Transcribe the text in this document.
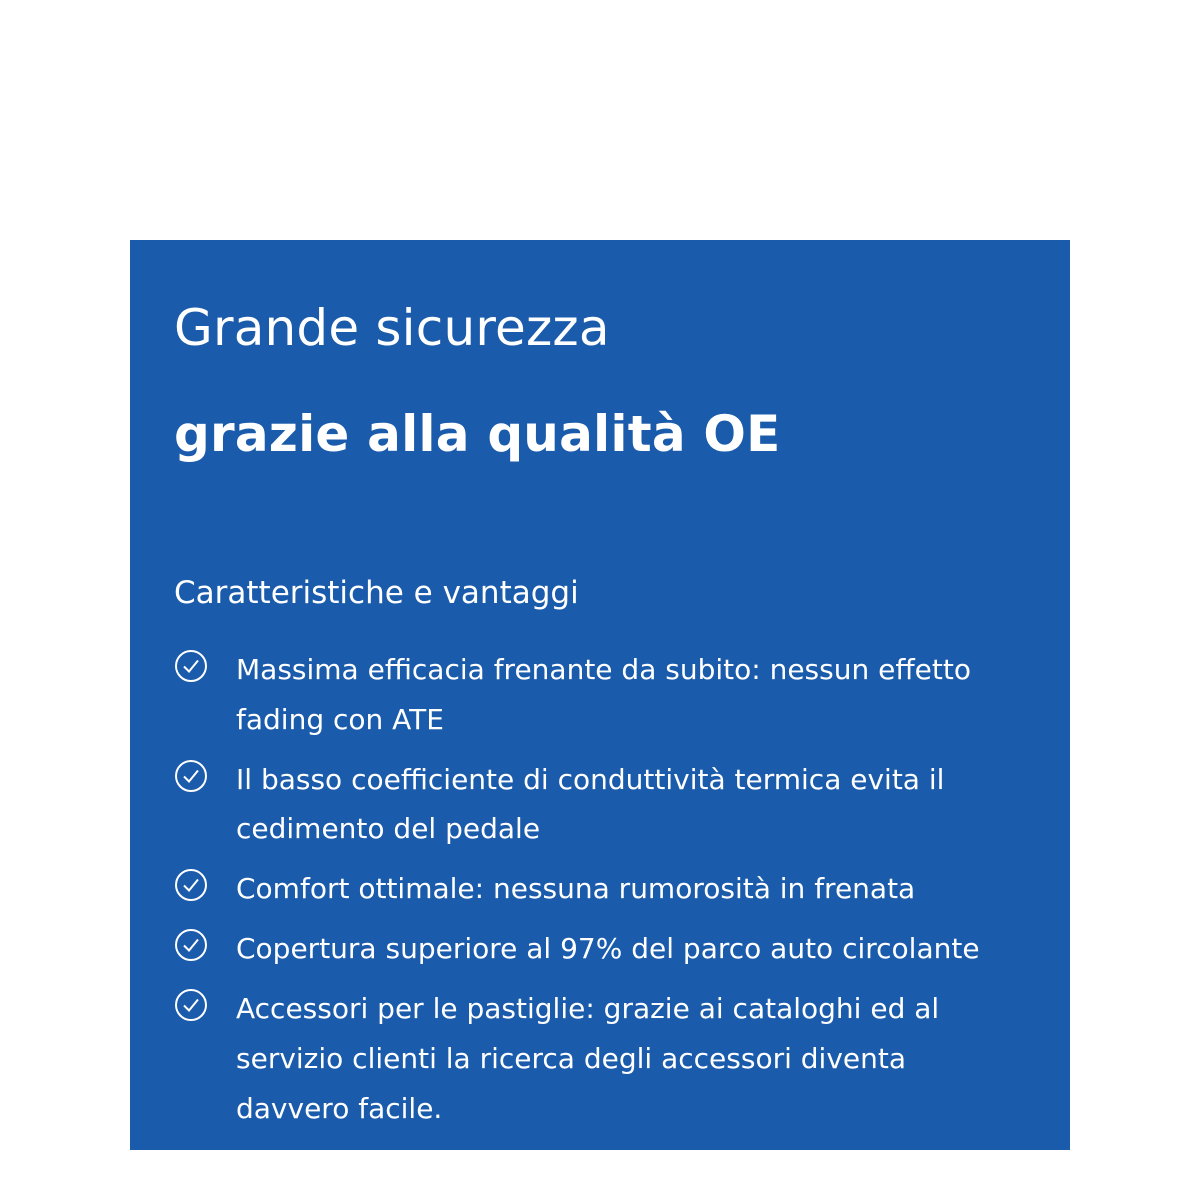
Grande sicurezza
grazie alla qualità OE
Caratteristiche e vantaggi
Massima efficacia frenante da subito: nessun effetto fading con ATE
Il basso coefficiente di conduttività termica evita il cedimento del pedale
Comfort ottimale: nessuna rumorosità in frenata
Copertura superiore al 97% del parco auto circolante
Accessori per le pastiglie: grazie ai cataloghi ed al servizio clienti la ricerca degli accessori diventa davvero facile.
